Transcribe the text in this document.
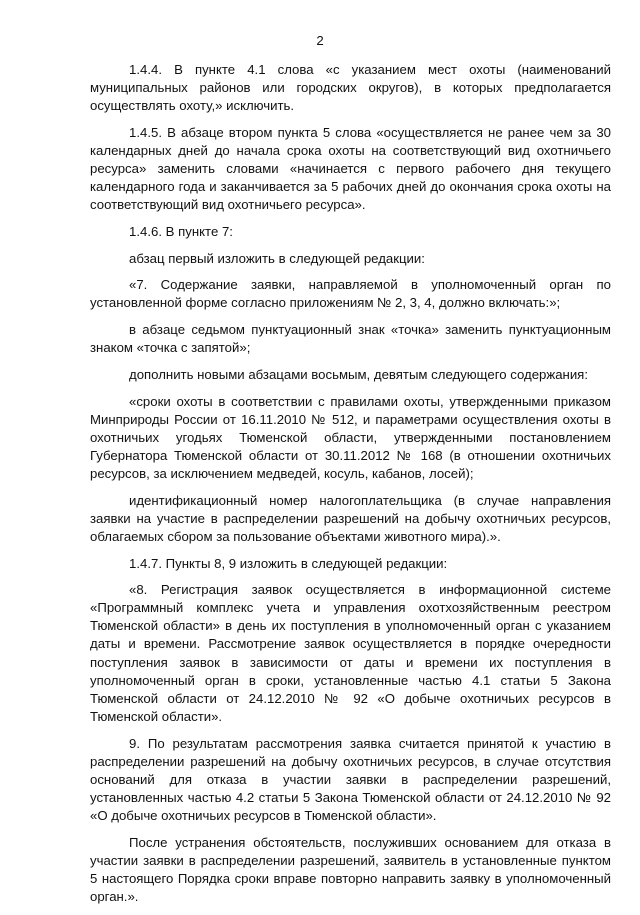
2

1.4.4. В пункте 4.1 слова «с указанием мест охоты (наименований муниципальных районов или городских округов), в которых предполагается осуществлять охоту,» исключить.

1.4.5. В абзаце втором пункта 5 слова «осуществляется не ранее чем за 30 календарных дней до начала срока охоты на соответствующий вид охотничьего ресурса» заменить словами «начинается с первого рабочего дня текущего календарного года и заканчивается за 5 рабочих дней до окончания срока охоты на соответствующий вид охотничьего ресурса».

1.4.6. В пункте 7:

абзац первый изложить в следующей редакции:

«7. Содержание заявки, направляемой в уполномоченный орган по установленной форме согласно приложениям № 2, 3, 4, должно включать:»;

в абзаце седьмом пунктуационный знак «точка» заменить пунктуационным знаком «точка с запятой»;

дополнить новыми абзацами восьмым, девятым следующего содержания:

«сроки охоты в соответствии с правилами охоты, утвержденными приказом Минприроды России от 16.11.2010 № 512, и параметрами осуществления охоты в охотничьих угодьях Тюменской области, утвержденными постановлением Губернатора Тюменской области от 30.11.2012 № 168 (в отношении охотничьих ресурсов, за исключением медведей, косуль, кабанов, лосей);

идентификационный номер налогоплательщика (в случае направления заявки на участие в распределении разрешений на добычу охотничьих ресурсов, облагаемых сбором за пользование объектами животного мира).».

1.4.7. Пункты 8, 9 изложить в следующей редакции:

«8. Регистрация заявок осуществляется в информационной системе «Программный комплекс учета и управления охотхозяйственным реестром Тюменской области» в день их поступления в уполномоченный орган с указанием даты и времени. Рассмотрение заявок осуществляется в порядке очередности поступления заявок в зависимости от даты и времени их поступления в уполномоченный орган в сроки, установленные частью 4.1 статьи 5 Закона Тюменской области от 24.12.2010 № 92 «О добыче охотничьих ресурсов в Тюменской области».

9. По результатам рассмотрения заявка считается принятой к участию в распределении разрешений на добычу охотничьих ресурсов, в случае отсутствия оснований для отказа в участии заявки в распределении разрешений, установленных частью 4.2 статьи 5 Закона Тюменской области от 24.12.2010 № 92 «О добыче охотничьих ресурсов в Тюменской области».

После устранения обстоятельств, послуживших основанием для отказа в участии заявки в распределении разрешений, заявитель в установленные пунктом 5 настоящего Порядка сроки вправе повторно направить заявку в уполномоченный орган.».
